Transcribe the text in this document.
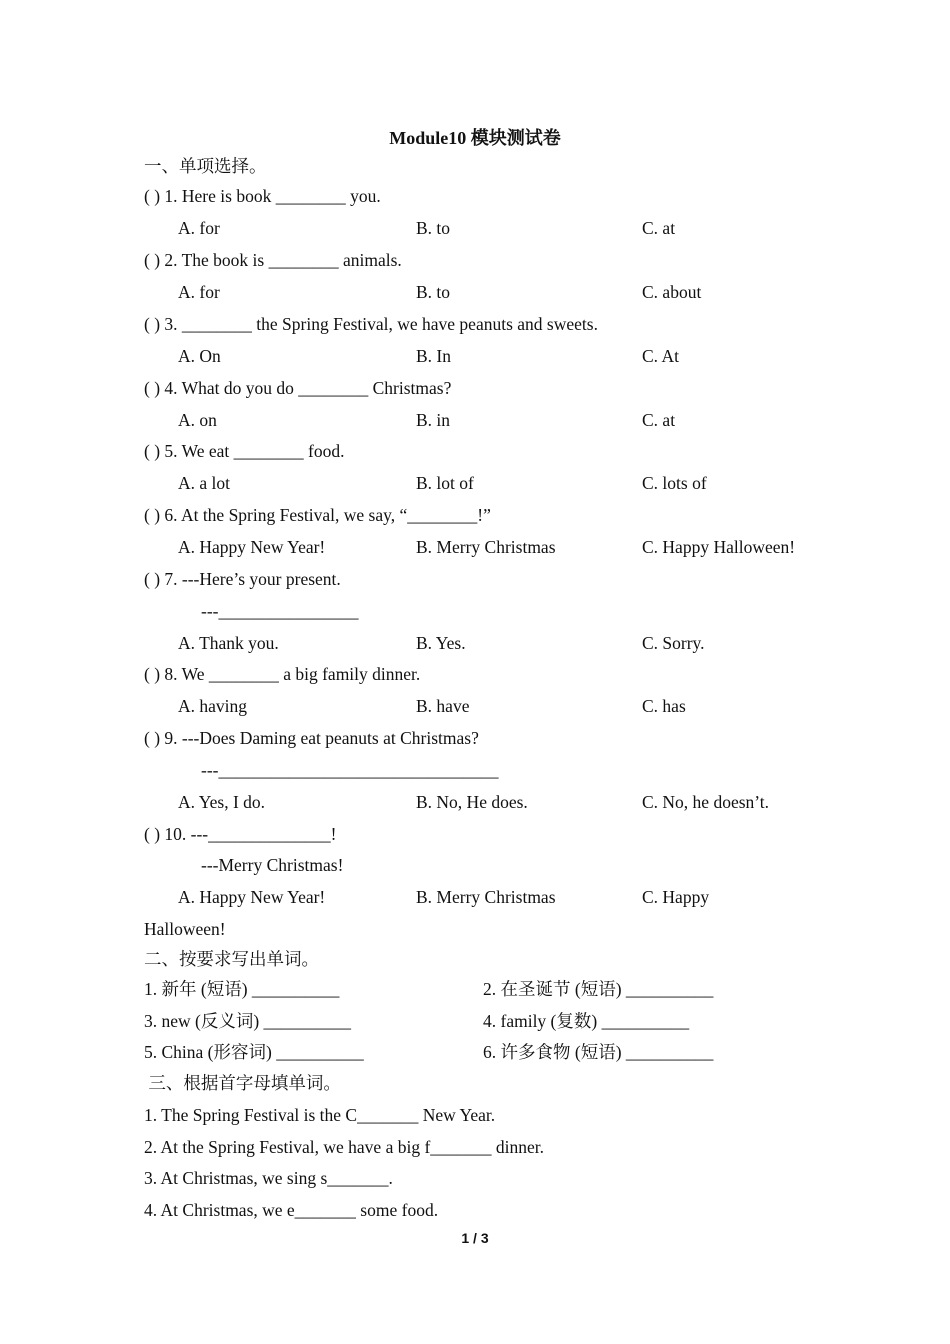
Module10 模块测试卷
一、单项选择。
( ) 1. Here is book ________ you.
A. for	B. to	C. at
( ) 2. The book is ________ animals.
A. for	B. to	C. about
( ) 3. ________ the Spring Festival, we have peanuts and sweets.
A. On	B. In	C. At
( ) 4. What do you do ________ Christmas?
A. on	B. in	C. at
( ) 5. We eat ________ food.
A. a lot	B. lot of	C. lots of
( ) 6. At the Spring Festival, we say, “________!”
A. Happy New Year!	B. Merry Christmas	C. Happy Halloween!
( ) 7. ---Here’s your present.
---________________
A. Thank you.	B. Yes.	C. Sorry.
( ) 8. We ________ a big family dinner.
A. having	B. have	C. has
( ) 9. ---Does Daming eat peanuts at Christmas?
---________________________________
A. Yes, I do.	B. No, He does.	C. No, he doesn’t.
( ) 10. ---______________!
---Merry Christmas!
A. Happy New Year!	B. Merry Christmas	C. Happy
Halloween!
二、按要求写出单词。
1. 新年 (短语) __________	2. 在圣诞节 (短语) __________
3. new (反义词) __________	4. family (复数) __________
5. China (形容词) __________	6. 许多食物 (短语) __________
三、根据首字母填单词。
1. The Spring Festival is the C_______ New Year.
2. At the Spring Festival, we have a big f_______ dinner.
3. At Christmas, we sing s_______.
4. At Christmas, we e_______ some food.
1 / 3
